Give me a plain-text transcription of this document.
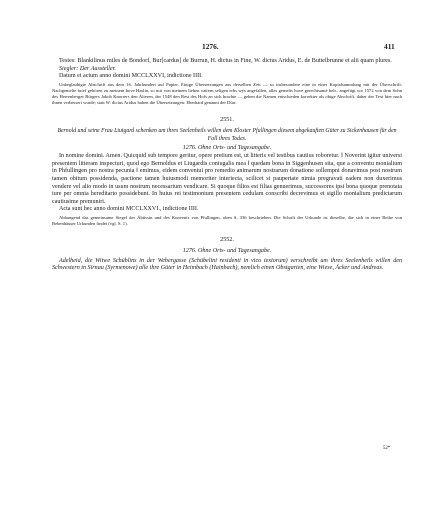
1276.	411

Testes: Blankilinus miles de Bondorf, Bur[cardus] de Burrun, H. dictus in Fine, W. dictus Aridus, E. de Buttelbrunne et alii quam plures.

Siegler: Der Aussteller.

Datum et actum anno domini MCCLXXVI, indictione IIII.

Unbeglaubigte Abschrift aus dem 16. Jahrhundert auf Papier. Einige Übersetzungen aus derselben Zeit — so insbesondere eine in einer Kopialsammlung mit der Überschrift: Nachgemelte brief gehören zu meinem hove Haslin, so mir von meinem lieben vattern seligen erbs wÿs angefallen, alles gemelts hove gerechtsamë belr., angefügt vor 1572 von dem Sohn des Herrenberger Bürgers Jakob Knorrers den Älteren, der 1548 den Rest des Hofs an sich brachte — geben die Namen entschieden korrekter als obige Abschrift, daher der Text hier nach ihnen verbessert wurde; statt W. dictus Aridus haben die Übersetzungen: Eberhard genannt der Dürr.

2551.

Bernold und seine Frau Liutgard schenken um ihres Seelenheils willen dem Kloster Pfullingen diesem abgekauften Güter zu Sickenhausen für den Fall ihres Todes.

1276. Ohne Orts- und Tagesangabe.

In nomine domini. Amen. Quicquid sub tempore geritur, opere pretium est, ut litteris vel testibus cautius roboretur. ‖ Noverint igitur universi presentem litteram inspecturi, quod ego Bernoldus et Liugardis coniugalis mea ‖ quedam bona in Siggenhusen sita, que a conventu monialium in Phfullingen pro nostra pecunia ‖ emimus, eidem conventui pro remedio animarum nostrarum donatione sollempni donavimus post nostrum tamen obitum possidenda, pactione tamen huiusmodi memoriter interiecta, scilicet si paupertate nimia pregravati eadem non duxerimus vendere vel alio modo in usum nostrum necessarium vendicare. Si quoque filios est filias genuerimus, successores ipsi bona quoque prenotata iure per omnia hereditario possidebunt. In huius rei testimonium presentem cedulam conscribi decrevimus et sigillo monialium predictarum cautiusime premuniri.

Acta sunt hec anno domini MCCLXXVI., indictione IIII.

Abhangend das gemeinsame Siegel der Äbtissin und des Konvents von Pfullingen, oben S. 336 beschrieben. Die Schrift der Urkunde ist dieselbe, die sich in einer Reihe von Bebenhäuser Urkunden findet (vgl. S. 1).

2552.

1276. Ohne Orts- und Tagesangabe.

Adelheid, die Witwe Schüblins in der Webergasse (Schübelini residenti in vico textorum) verschreibt um ihres Seelenheils willen den Schwestern in Sirnau (Syrmenowe) alle ihre Güter in Heimbach (Hainbach), nemlich einen Obstgarten, eine Wiese, Äcker und Andreas.

52*
